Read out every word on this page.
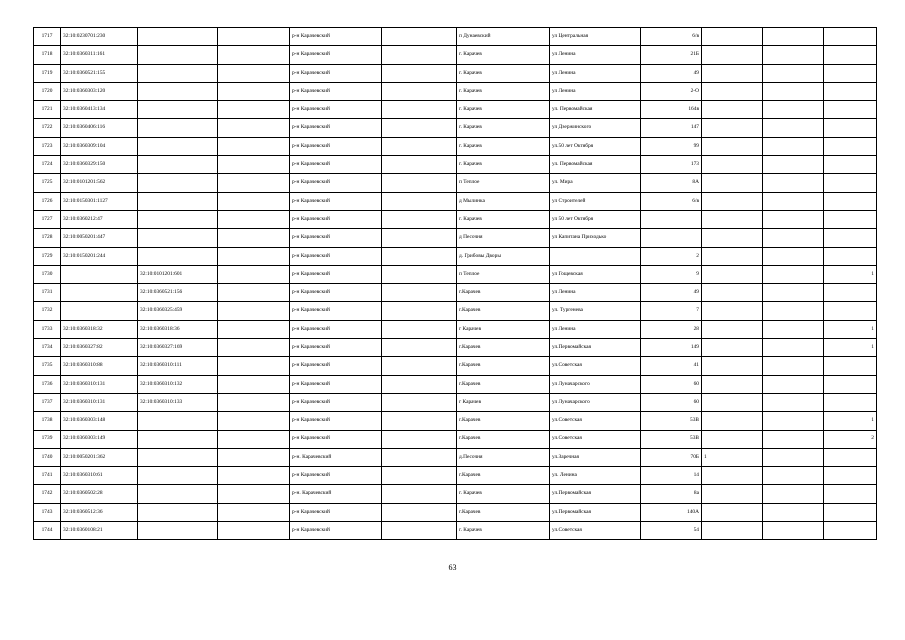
1717	32:10:0230701:230			р-н Карачевский		п Дунаевский	ул Центральная	6/в			
1718	32:10:0360311:161			р-н Карачевский		г. Карачев	ул Ленина	21Б			
1719	32:10:0360521:155			р-н Карачевский		г. Карачев	ул Ленина	49			
1720	32:10:0360303:120			р-н Карачевский		г. Карачев	ул Ленина	2-О			
1721	32:10:0360413:134			р-н Карачевский		г. Карачев	ул. Первомайская	164в			
1722	32:10:0360406:116			р-н Карачевский		г. Карачев	ул Дзержинского	147			
1723	32:10:0360309:104			р-н Карачевский		г. Карачев	ул.50 лет Октября	99			
1724	32:10:0360329:150			р-н Карачевский		г. Карачев	ул. Первомайская	173			
1725	32:10:0101201:562			р-н Карачевский		п Теплое	ул. Мира	8А			
1726	32:10:0150301:1127			р-н Карачевский		д Мылинка	ул Строителей	6/в			
1727	32:10:0360212:47			р-н Карачевский		г. Карачев	ул 50 лет Октября				
1728	32:10:0050201:447			р-н Карачевский		д Песочня	ул Капитана Приходько				
1729	32:10:0150201:244			р-н Карачевский		д. Грибовы Дворы		2			
1730		32:10:0101201:601		р-н Карачевский		п Теплое	ул Гощевская	9			1
1731		32:10:0360521:156		р-н Карачевский		г.Карачев	ул Ленина	49			
1732		32:10:0360325:459		р-н Карачевский		г.Карачев	ул. Тургенева	7			
1733	32:10:0360318:32	32:10:0360318:36		р-н Карачевский		г Карачев	ул Ленина	28			1
1734	32:10:0360327:82	32:10:0360327:169		р-н Карачевский		г.Карачев	ул.Первомайская	149			1
1735	32:10:0360310:88	32:10:0360310:111		р-н Карачевский		г.Карачев	ул.Советская	41			
1736	32:10:0360310:131	32:10:0360310:132		р-н Карачевский		г.Карачев	ул Луначарского	60			
1737	32:10:0360310:131	32:10:0360310:133		р-н Карачевский		г Карачев	ул Луначарского	60			
1738	32:10:0360303:148			р-н Карачевский		г.Карачев	ул.Советская	53В			1
1739	32:10:0360303:149			р-н Карачевский		г.Карачев	ул.Советская	53В			2
1740	32:10:0050201:362			р-н. Карачевский		д.Песочня	ул.Заречная	70Б	1		
1741	32:10:0360310:61			р-н Карачевский		г.Карачев	ул. Ленина	14			
1742	32:10:0360502:28			р-н. Карачевский		г. Карачев	ул.Первомайская	8а			
1743	32:10:0360512:36			р-н Карачевский		г.Карачев	ул.Первомайская	140А			
1744	32:10:0360108:21			р-н Карачевский		г. Карачев	ул.Советская	54			
63
